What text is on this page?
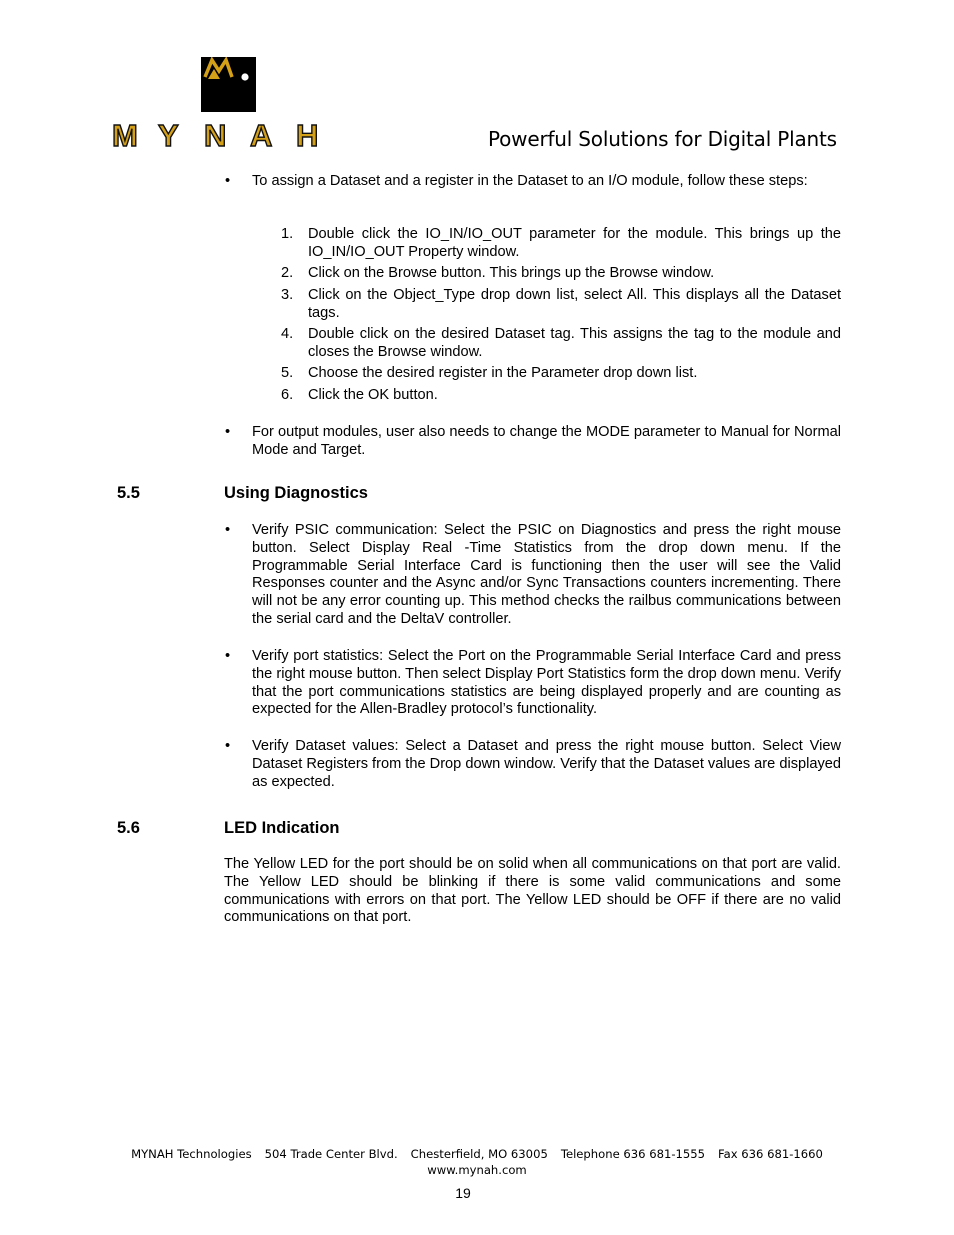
M Y N A H	Powerful Solutions for Digital Plants
•	To assign a Dataset and a register in the Dataset to an I/O module, follow these steps:
1. Double click the IO_IN/IO_OUT parameter for the module. This brings up the IO_IN/IO_OUT Property window.
2. Click on the Browse button. This brings up the Browse window.
3. Click on the Object_Type drop down list, select All. This displays all the Dataset tags.
4. Double click on the desired Dataset tag. This assigns the tag to the module and closes the Browse window.
5. Choose the desired register in the Parameter drop down list.
6. Click the OK button.
•	For output modules, user also needs to change the MODE parameter to Manual for Normal Mode and Target.
5.5	Using Diagnostics
•	Verify PSIC communication: Select the PSIC on Diagnostics and press the right mouse button. Select Display Real -Time Statistics from the drop down menu. If the Programmable Serial Interface Card is functioning then the user will see the Valid Responses counter and the Async and/or Sync Transactions counters incrementing. There will not be any error counting up. This method checks the railbus communications between the serial card and the DeltaV controller.
•	Verify port statistics: Select the Port on the Programmable Serial Interface Card and press the right mouse button. Then select Display Port Statistics form the drop down menu. Verify that the port communications statistics are being displayed properly and are counting as expected for the Allen-Bradley protocol’s functionality.
•	Verify Dataset values: Select a Dataset and press the right mouse button. Select View Dataset Registers from the Drop down window. Verify that the Dataset values are displayed as expected.
5.6	LED Indication
The Yellow LED for the port should be on solid when all communications on that port are valid. The Yellow LED should be blinking if there is some valid communications and some communications with errors on that port. The Yellow LED should be OFF if there are no valid communications on that port.
MYNAH Technologies 504 Trade Center Blvd. Chesterfield, MO 63005 Telephone 636 681-1555 Fax 636 681-1660
www.mynah.com
19
